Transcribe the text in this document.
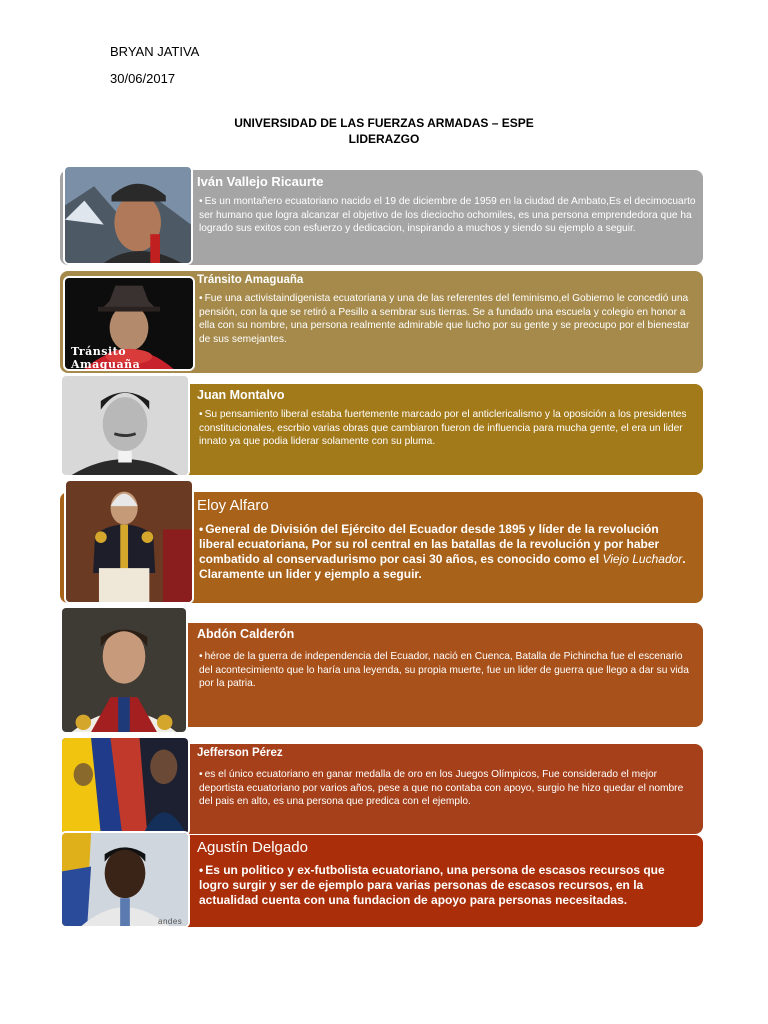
BRYAN JATIVA
30/06/2017
UNIVERSIDAD DE LAS FUERZAS ARMADAS – ESPE
LIDERAZGO
Iván Vallejo Ricaurte
• Es un montañero ecuatoriano nacido el 19 de diciembre de 1959 en la ciudad de Ambato,Es el decimocuarto ser humano que logra alcanzar el objetivo de los dieciocho ochomiles, es una persona emprendedora que ha logrado sus exitos con esfuerzo y dedicacion, inspirando a muchos y siendo su ejemplo a seguir.
Tránsito Amaguaña
Tránsito Amaguaña
• Fue una activistaindigenista ecuatoriana y una de las referentes del feminismo,el Gobierno le concedió una pensión, con la que se retiró a Pesillo a sembrar sus tierras. Se a fundado una escuela y colegio en honor a ella con su nombre, una persona realmente admirable que lucho por su gente y se preocupo por el bienestar de sus semejantes.
Juan Montalvo
• Su pensamiento liberal estaba fuertemente marcado por el anticlericalismo y la oposición a los presidentes constitucionales, escrbio varias obras que cambiaron fueron de influencia para mucha gente, el era un lider innato ya que podia liderar solamente con su pluma.
Eloy Alfaro
• General de División del Ejército del Ecuador desde 1895 y líder de la revolución liberal ecuatoriana, Por su rol central en las batallas de la revolución y por haber combatido al conservadurismo por casi 30 años, es conocido como el Viejo Luchador. Claramente un lider y ejemplo a seguir.
Abdón Calderón
• héroe de la guerra de independencia del Ecuador, nació en Cuenca, Batalla de Pichincha fue el escenario del acontecimiento que lo haría una leyenda, su propia muerte, fue un lider de guerra que llego a dar su vida por la patria.
Jefferson Pérez
• es el único ecuatoriano en ganar medalla de oro en los Juegos Olímpicos, Fue considerado el mejor deportista ecuatoriano por varios años, pese a que no contaba con apoyo, surgio he hizo quedar el nombre del pais en alto, es una persona que predica con el ejemplo.
andes
Agustín Delgado
• Es un politico y ex-futbolista ecuatoriano, una persona de escasos recursos que logro surgir y ser de ejemplo para varias personas de escasos recursos, en la actualidad cuenta con una fundacion de apoyo para personas necesitadas.
